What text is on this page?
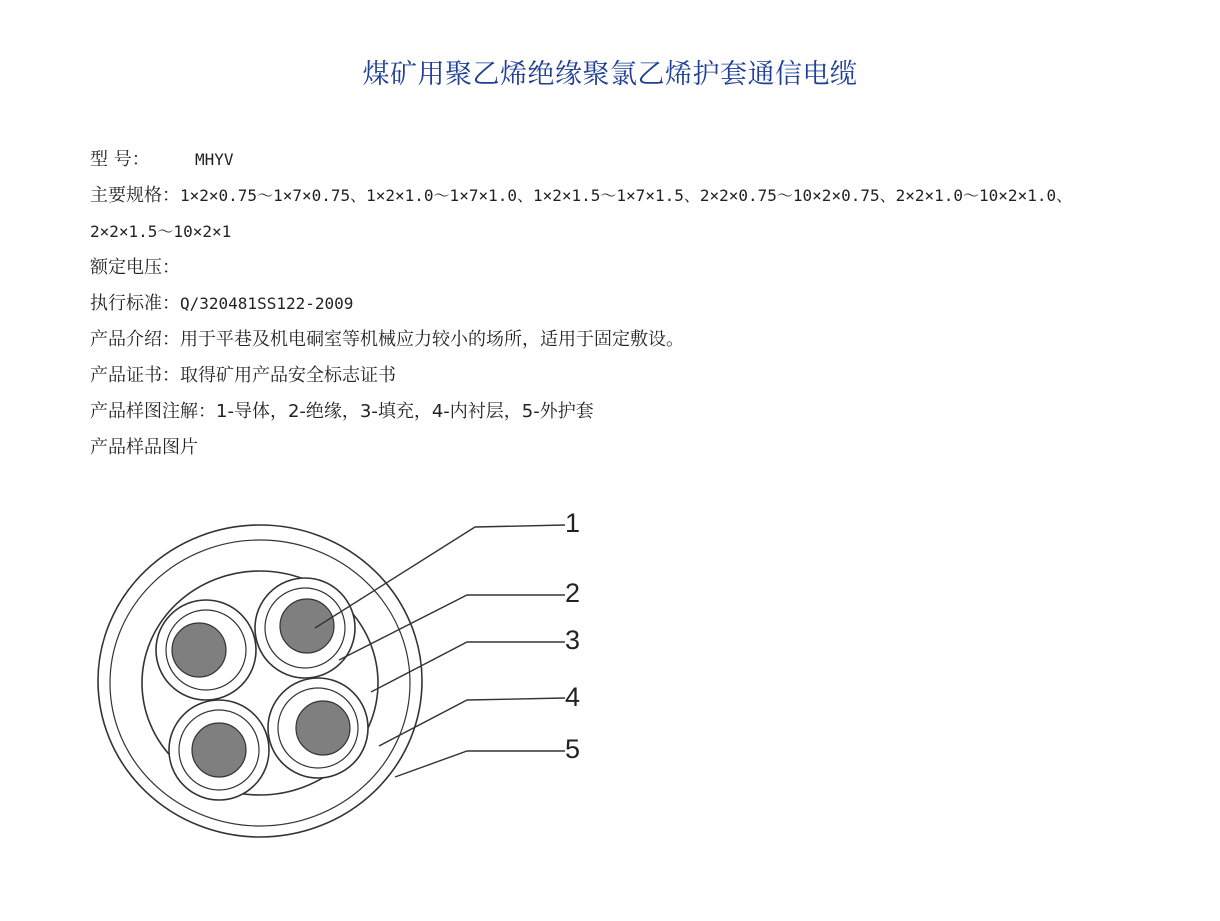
煤矿用聚乙烯绝缘聚氯乙烯护套通信电缆
型 号：	MHYV
主要规格：1×2×0.75～1×7×0.75、1×2×1.0～1×7×1.0、1×2×1.5～1×7×1.5、2×2×0.75～10×2×0.75、2×2×1.0～10×2×1.0、2×2×1.5～10×2×1
额定电压：
执行标准：Q/320481SS122-2009
产品介绍：用于平巷及机电硐室等机械应力较小的场所，适用于固定敷设。
产品证书：取得矿用产品安全标志证书
产品样图注解：1-导体，2-绝缘，3-填充，4-内衬层，5-外护套
产品样品图片
1
2
3
4
5
